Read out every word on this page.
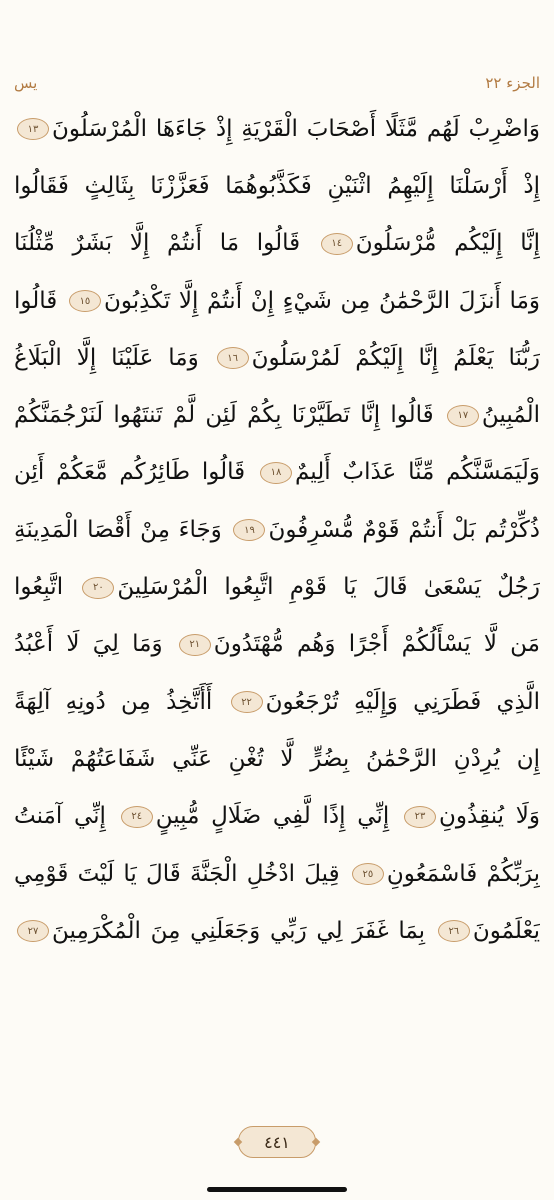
الجزء ٢٢
يس
وَاضْرِبْ لَهُم مَّثَلًا أَصْحَابَ الْقَرْيَةِ إِذْ جَاءَهَا الْمُرْسَلُونَ١٣
إِذْ أَرْسَلْنَا إِلَيْهِمُ اثْنَيْنِ فَكَذَّبُوهُمَا فَعَزَّزْنَا بِثَالِثٍ فَقَالُوا
إِنَّا إِلَيْكُم مُّرْسَلُونَ١٤ قَالُوا مَا أَنتُمْ إِلَّا بَشَرٌ مِّثْلُنَا
وَمَا أَنزَلَ الرَّحْمَٰنُ مِن شَيْءٍ إِنْ أَنتُمْ إِلَّا تَكْذِبُونَ١٥ قَالُوا
رَبُّنَا يَعْلَمُ إِنَّا إِلَيْكُمْ لَمُرْسَلُونَ١٦ وَمَا عَلَيْنَا إِلَّا الْبَلَاغُ
الْمُبِينُ١٧ قَالُوا إِنَّا تَطَيَّرْنَا بِكُمْ لَئِن لَّمْ تَنتَهُوا لَنَرْجُمَنَّكُمْ
وَلَيَمَسَّنَّكُم مِّنَّا عَذَابٌ أَلِيمٌ١٨ قَالُوا طَائِرُكُم مَّعَكُمْ أَئِن
ذُكِّرْتُم بَلْ أَنتُمْ قَوْمٌ مُّسْرِفُونَ١٩ وَجَاءَ مِنْ أَقْصَا الْمَدِينَةِ
رَجُلٌ يَسْعَىٰ قَالَ يَا قَوْمِ اتَّبِعُوا الْمُرْسَلِينَ٢٠ اتَّبِعُوا
مَن لَّا يَسْأَلُكُمْ أَجْرًا وَهُم مُّهْتَدُونَ٢١ وَمَا لِيَ لَا أَعْبُدُ
الَّذِي فَطَرَنِي وَإِلَيْهِ تُرْجَعُونَ٢٢ أَأَتَّخِذُ مِن دُونِهِ آلِهَةً
إِن يُرِدْنِ الرَّحْمَٰنُ بِضُرٍّ لَّا تُغْنِ عَنِّي شَفَاعَتُهُمْ شَيْئًا
وَلَا يُنقِذُونِ٢٣ إِنِّي إِذًا لَّفِي ضَلَالٍ مُّبِينٍ٢٤ إِنِّي آمَنتُ
بِرَبِّكُمْ فَاسْمَعُونِ٢٥ قِيلَ ادْخُلِ الْجَنَّةَ قَالَ يَا لَيْتَ قَوْمِي
يَعْلَمُونَ٢٦ بِمَا غَفَرَ لِي رَبِّي وَجَعَلَنِي مِنَ الْمُكْرَمِينَ٢٧
٤٤١
